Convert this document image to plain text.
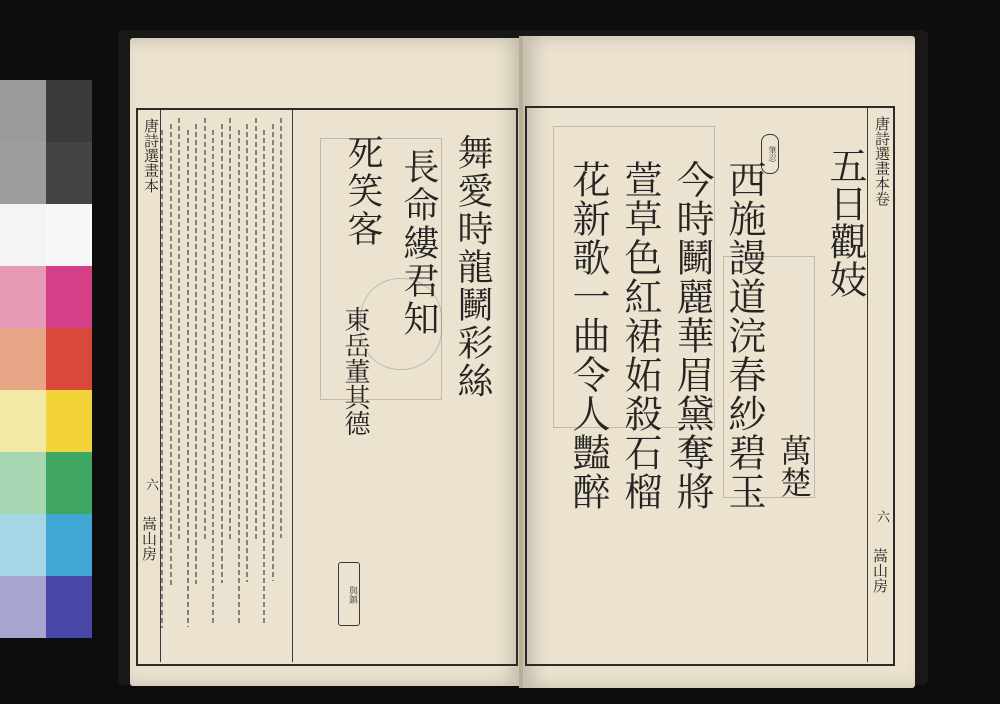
唐詩選畫本
六
嵩山房
舞愛時龍鬭彩絲
長命縷君知
死笑客
東岳董其德
與鎮
唐詩選畫本卷
六
嵩山房
五日觀妓
萬楚
筆忍
西施謾道浣春紗碧玉
今時鬭麗華眉黛奪將
萱草色紅裙妬殺石榴
花新歌一曲令人豔醉
